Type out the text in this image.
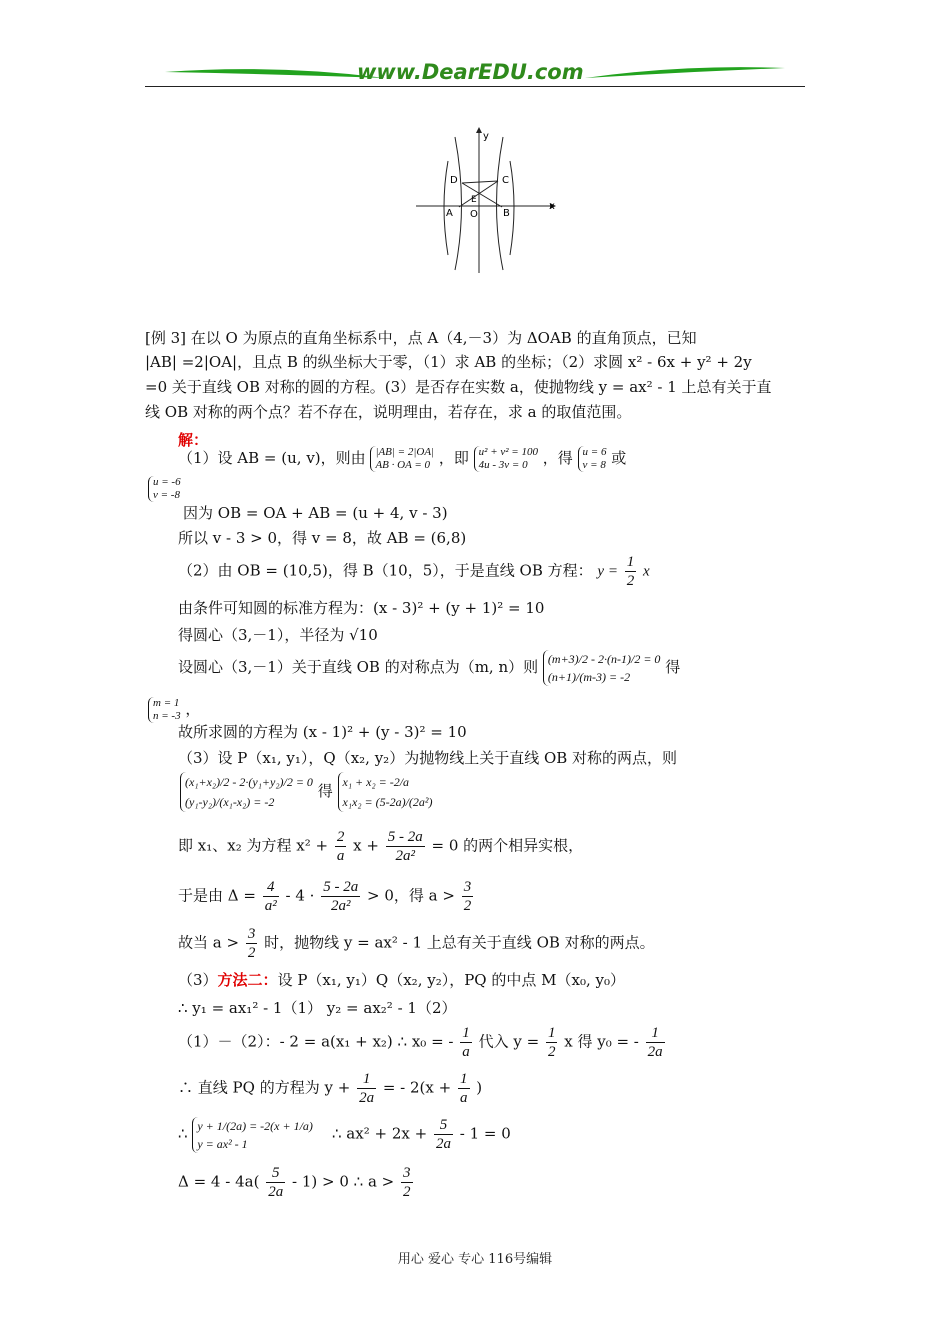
www.DearEDU.com
y
x
D	C
E
A O	B
[例 3] 在以 O 为原点的直角坐标系中，点 A（4,－3）为 ΔOAB 的直角顶点，已知
|AB| =2|OA|，且点 B 的纵坐标大于零，（1）求 AB 的坐标；（2）求圆 x² - 6x + y² + 2y
=0 关于直线 OB 对称的圆的方程。(3）是否存在实数 a，使抛物线 y = ax² - 1 上总有关于直
线 OB 对称的两个点？若不存在，说明理由，若存在，求 a 的取值范围。
解：
（1）设 AB = (u, v)，则由 |AB| = 2|OA|
AB · OA = 0 ，即 u² + v² = 100
4u - 3v = 0	，得 u = 6
v = 8 或
u = -6
v = -8
因为 OB = OA + AB = (u + 4, v - 3)
所以 v - 3 > 0，得 v = 8，故 AB = (6,8)
（2）由 OB = (10,5)，得 B（10，5），于是直线 OB 方程： $y = \frac{1}{2}$ x
由条件可知圆的标准方程为：(x - 3)² + (y + 1)² = 10
得圆心（3,－1），半径为 √10
设圆心（3,－1）关于直线 OB 的对称点为（m, n）则 (m+3)/2 - 2·(n-1)/2 = 0
(n+1)/(m-3) = -2
得
m = 1
n = -3 ，
故所求圆的方程为 (x - 1)² + (y - 3)² = 10
（3）设 P（x₁, y₁），Q（x₂, y₂）为抛物线上关于直线 OB 对称的两点，则
(x₁+x₂)/2 - 2·(y₁+y₂)/2 = 0
(y₁-y₂)/(x₁-x₂) = -2
得 x₁ + x₂ = -2/a
x₁x₂ = (5-2a)/(2a²)
即 x₁、x₂ 为方程 $x^2 + \frac{2}{a}$ $x + \frac{5 - 2a}{\text{2a²}} = 0$ 的两个相异实根，
于是由 $\Delta = \frac{4}{\text{a²}} - 4 \cdot \frac{5 - 2a}{\text{2a²}} > 0$，得 $a > \frac{3}{2}$
故当 $a > \frac{3}{2}$ 时，抛物线 y = ax² - 1 上总有关于直线 OB 对称的两点。
（3）方法二：设 P（x₁, y₁）Q（x₂, y₂），PQ 的中点 M（x₀, y₀）
∴ y₁ = ax₁² - 1（1） y₂ = ax₂² - 1（2）
（1）－（2）：- 2 = a(x₁ + x₂) ∴ x₀ = - $\frac{1}{a}$ 代入 $y = \frac{1}{2}$ x 得 y₀ = - $\frac{1}{2a}$
∴ 直线 PQ 的方程为 $y + \frac{1}{2a}$ = - $2(x + \frac{1}{a}$ )
∴ y + 1/(2a) = -2(x + 1/a)
y = ax² - 1
∴ $ax^2 + 2x + \frac{5}{2a} - 1 = 0$
$\Delta = 4 - 4a( \frac{5}{2a} - 1) > 0$ ∴ $a > \frac{3}{2}$
用心 爱心 专心 116号编辑
